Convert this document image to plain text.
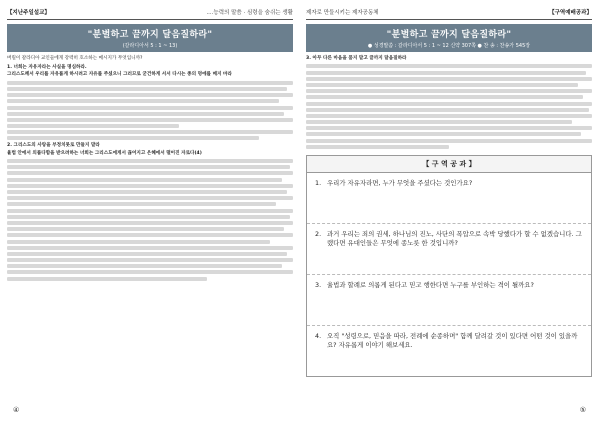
【지난주일설교】	....능력의 말씀 · 심령을 숨쉬는 생활
"분별하고 끝까지 달음질하라"
(갈라디아서 5 : 1 ~ 13)

버릴이 갈라디아 교인들에게 강력히 호소하는 메시지가 무엇입니까?

1. 너희는 자유자라는 사실을 명심하라.

그리스도께서 우리를 자유롭게 하시려고 자유를 주셨으니 그러므로 굳건하게 서서 다시는 종의 멍에를 메지 마라

2. 그리스도의 사랑을 부정치못로 만들지 말라

율법 안에서 의롭다함을 받으려하는 너희는 그리스도에게서 끊어지고 은혜에서 떨어진 자로다(4)

④
제자로 만들시키는 제자공동체	【구역예배공과】
"분별하고 끝까지 달음질하라"
● 성경말씀 : 갈라디아서 5 : 1 ~ 12 신약 307쪽 ● 찬 송 : 찬송가 545장
3. 아무 다른 마음을 품지 말고 끝까지 달음질하라
【 구 역 공 과 】
1. 우리가 자유자라면, 누가 무엇을 주셨다는 것인가요?
2. 과거 우리는 죄의 권세, 하나님의 진노, 사단의 폭압으로 속박 당했다가 할 수 없겠습니다. 그랬다면 유대인들은 무엇에 종노릇 한 것입니까?
3. 율법과 할례로 의롭게 된다고 믿고 행한다면 누구를 부인하는 격이 될까요?
4. 오직 "성령으로, 믿음을 따라, 전례에 순종하며" 함께 달려갈 것이 있다면 어떤 것이 있을까요? 자유롭게 이야기 해보세요.
⑤
